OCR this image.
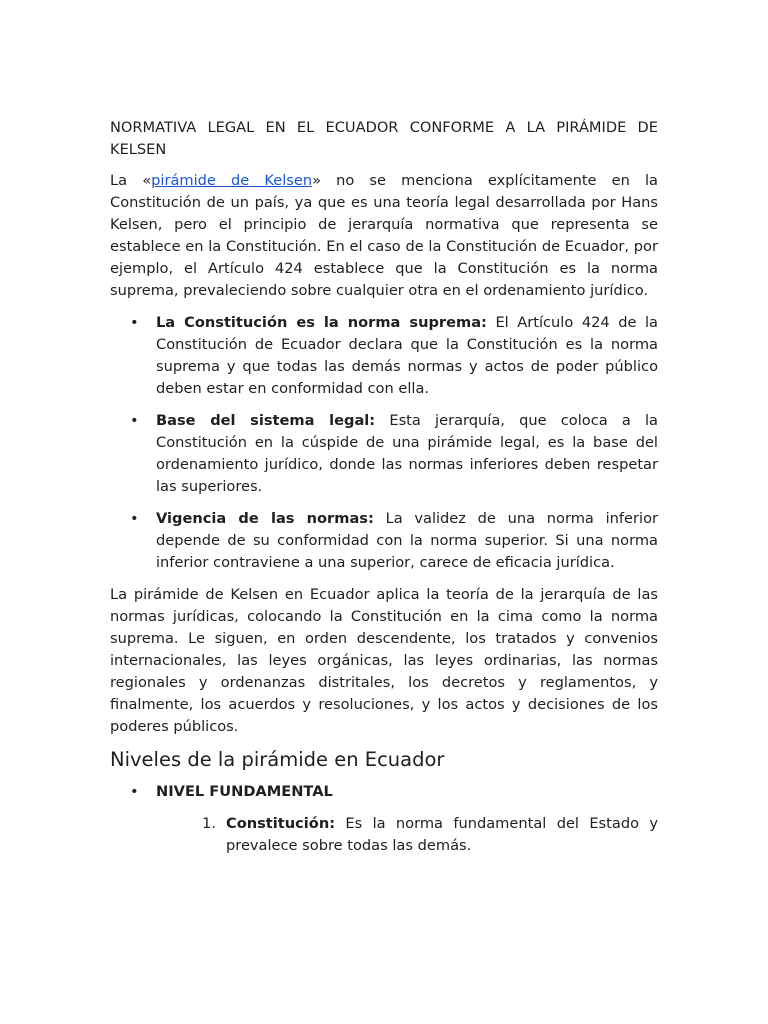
NORMATIVA LEGAL EN EL ECUADOR CONFORME A LA PIRÁMIDE DE KELSEN

La «pirámide de Kelsen» no se menciona explícitamente en la Constitución de un país, ya que es una teoría legal desarrollada por Hans Kelsen, pero el principio de jerarquía normativa que representa se establece en la Constitución. En el caso de la Constitución de Ecuador, por ejemplo, el Artículo 424 establece que la Constitución es la norma suprema, prevaleciendo sobre cualquier otra en el ordenamiento jurídico.

• La Constitución es la norma suprema: El Artículo 424 de la Constitución de Ecuador declara que la Constitución es la norma suprema y que todas las demás normas y actos de poder público deben estar en conformidad con ella.
• Base del sistema legal: Esta jerarquía, que coloca a la Constitución en la cúspide de una pirámide legal, es la base del ordenamiento jurídico, donde las normas inferiores deben respetar las superiores.
• Vigencia de las normas: La validez de una norma inferior depende de su conformidad con la norma superior. Si una norma inferior contraviene a una superior, carece de eficacia jurídica.

La pirámide de Kelsen en Ecuador aplica la teoría de la jerarquía de las normas jurídicas, colocando la Constitución en la cima como la norma suprema. Le siguen, en orden descendente, los tratados y convenios internacionales, las leyes orgánicas, las leyes ordinarias, las normas regionales y ordenanzas distritales, los decretos y reglamentos, y finalmente, los acuerdos y resoluciones, y los actos y decisiones de los poderes públicos.

Niveles de la pirámide en Ecuador
• NIVEL FUNDAMENTAL
1. Constitución: Es la norma fundamental del Estado y prevalece sobre todas las demás.
